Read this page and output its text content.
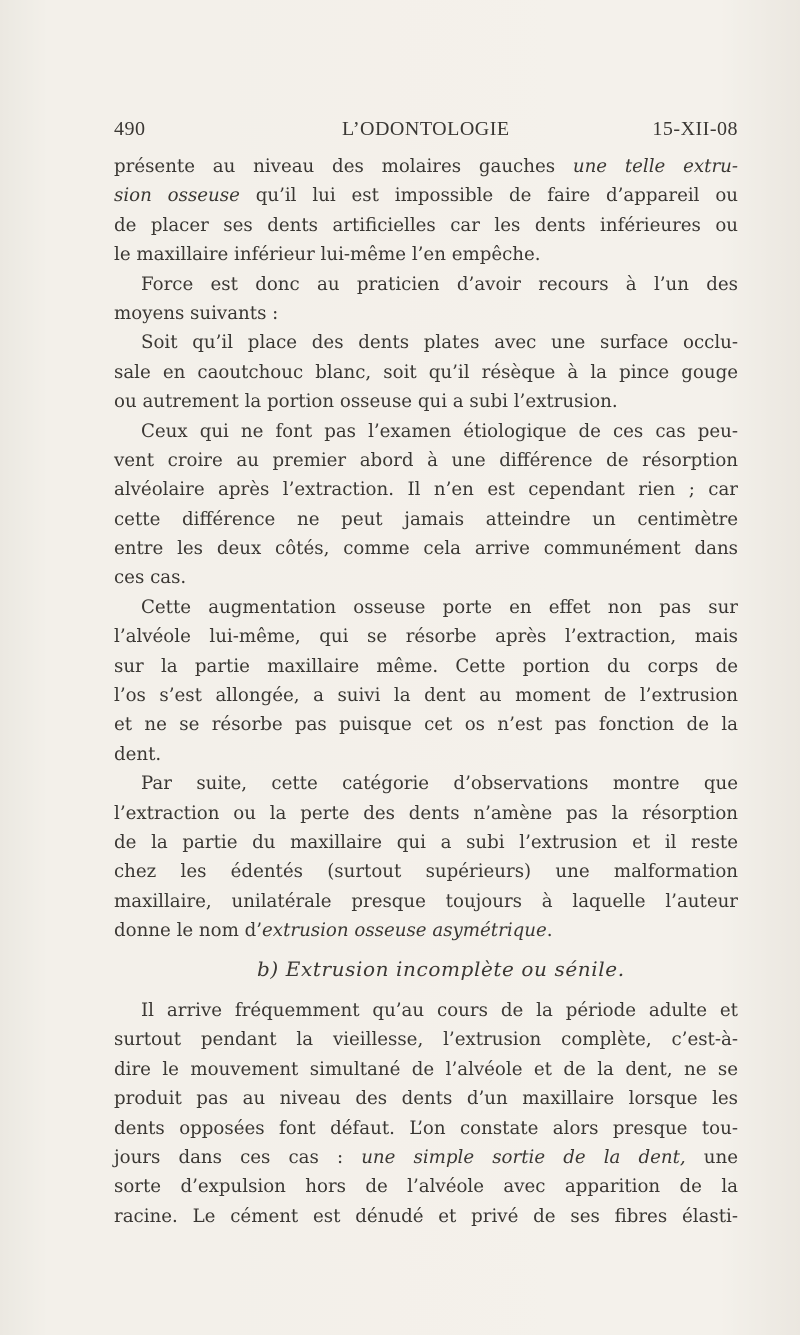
490	L’ODONTOLOGIE	15-XII-08
présente au niveau des molaires gauches une telle extru-
sion osseuse qu’il lui est impossible de faire d’appareil ou
de placer ses dents artificielles car les dents inférieures ou
le maxillaire inférieur lui-même l’en empêche.
Force est donc au praticien d’avoir recours à l’un des
moyens suivants :
Soit qu’il place des dents plates avec une surface occlu-
sale en caoutchouc blanc, soit qu’il résèque à la pince gouge
ou autrement la portion osseuse qui a subi l’extrusion.
Ceux qui ne font pas l’examen étiologique de ces cas peu-
vent croire au premier abord à une différence de résorption
alvéolaire après l’extraction. Il n’en est cependant rien ; car
cette différence ne peut jamais atteindre un centimètre
entre les deux côtés, comme cela arrive communément dans
ces cas.
Cette augmentation osseuse porte en effet non pas sur
l’alvéole lui-même, qui se résorbe après l’extraction, mais
sur la partie maxillaire même. Cette portion du corps de
l’os s’est allongée, a suivi la dent au moment de l’extrusion
et ne se résorbe pas puisque cet os n’est pas fonction de la
dent.
Par suite, cette catégorie d’observations montre que
l’extraction ou la perte des dents n’amène pas la résorption
de la partie du maxillaire qui a subi l’extrusion et il reste
chez les édentés (surtout supérieurs) une malformation
maxillaire, unilatérale presque toujours à laquelle l’auteur
donne le nom d’extrusion osseuse asymétrique.
b) Extrusion incomplète ou sénile.
Il arrive fréquemment qu’au cours de la période adulte et
surtout pendant la vieillesse, l’extrusion complète, c’est-à-
dire le mouvement simultané de l’alvéole et de la dent, ne se
produit pas au niveau des dents d’un maxillaire lorsque les
dents opposées font défaut. L’on constate alors presque tou-
jours dans ces cas : une simple sortie de la dent, une
sorte d’expulsion hors de l’alvéole avec apparition de la
racine. Le cément est dénudé et privé de ses fibres élasti-
